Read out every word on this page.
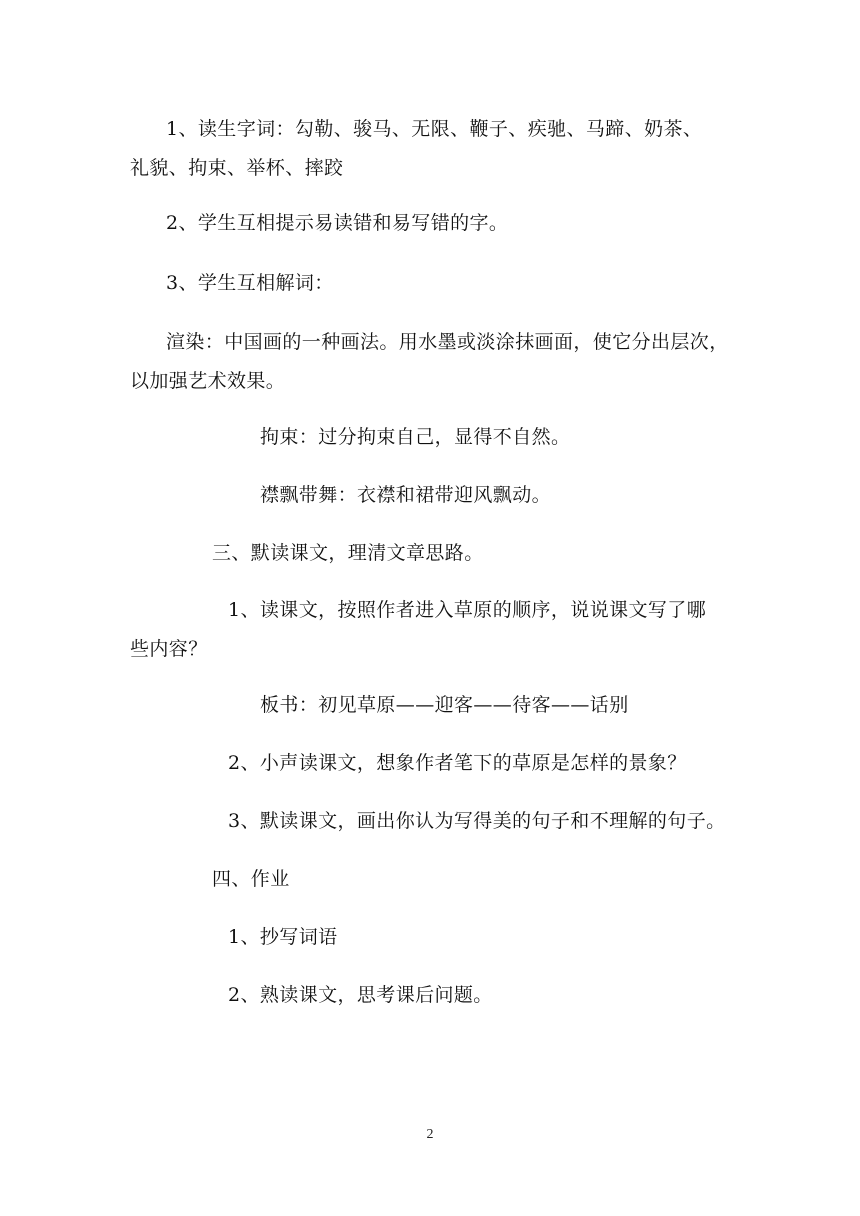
1、读生字词：勾勒、骏马、无限、鞭子、疾驰、马蹄、奶茶、
礼貌、拘束、举杯、摔跤
2、学生互相提示易读错和易写错的字。
3、学生互相解词：
渲染：中国画的一种画法。用水墨或淡涂抹画面，使它分出层次，
以加强艺术效果。
拘束：过分拘束自己，显得不自然。
襟飘带舞：衣襟和裙带迎风飘动。
三、默读课文，理清文章思路。
1、读课文，按照作者进入草原的顺序，说说课文写了哪
些内容？
板书：初见草原——迎客——待客——话别
2、小声读课文，想象作者笔下的草原是怎样的景象？
3、默读课文，画出你认为写得美的句子和不理解的句子。
四、作业
1、抄写词语
2、熟读课文，思考课后问题。
2
